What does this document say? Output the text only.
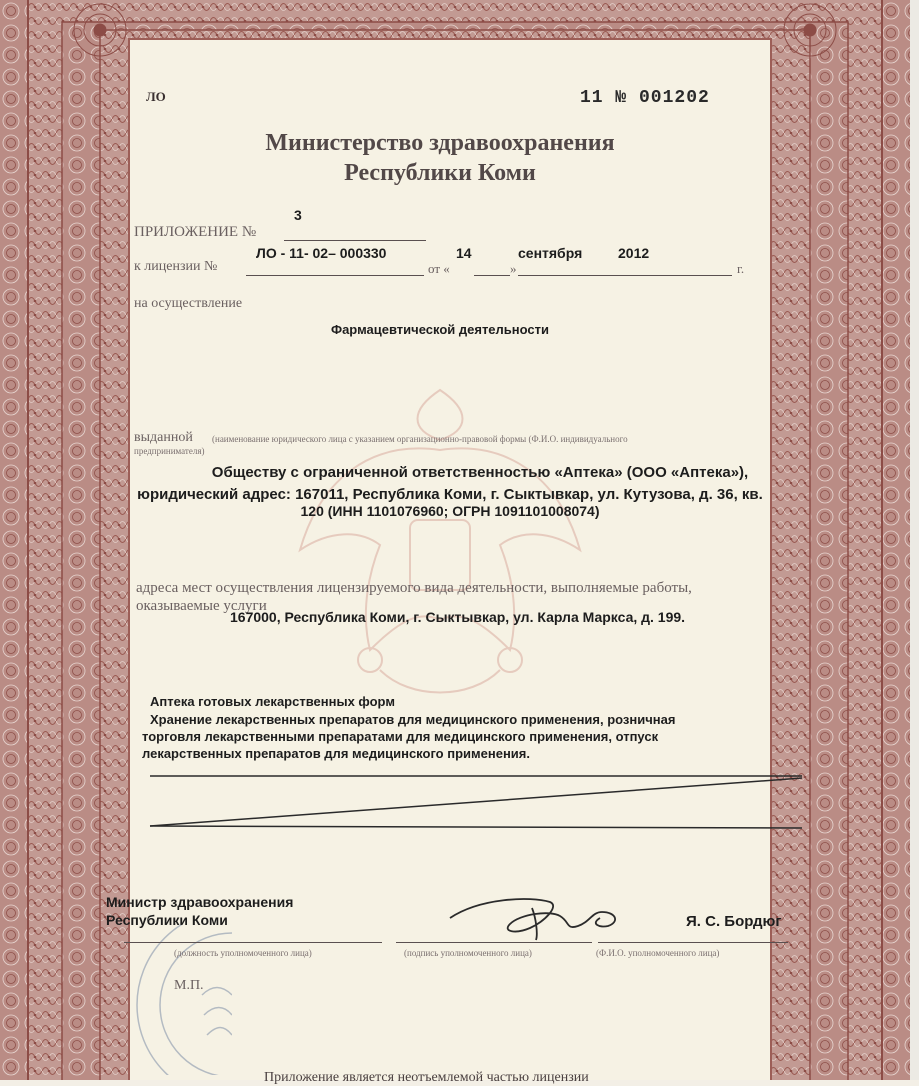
ЛО	11 № 001202
Министерство здравоохранения
Республики Коми
ПРИЛОЖЕНИЕ №
3
к лицензии №
ЛО - 11- 02– 000330
от «
14
»
сентября	2012
г.
на осуществление
Фармацевтической деятельности
выданной (наименование юридического лица с указанием организационно-правовой формы (Ф.И.О. индивидуального
предпринимателя)
Обществу с ограниченной ответственностью «Аптека» (ООО «Аптека»),
юридический адрес: 167011, Республика Коми, г. Сыктывкар, ул. Кутузова, д. 36, кв.
120 (ИНН 1101076960; ОГРН 1091101008074)
адреса мест осуществления лицензируемого вида деятельности, выполняемые работы,
оказываемые услуги
167000, Республика Коми, г. Сыктывкар, ул. Карла Маркса, д. 199.
Аптека готовых лекарственных форм
Хранение лекарственных препаратов для медицинского применения, розничная
торговля лекарственными препаратами для медицинского применения, отпуск
лекарственных препаратов для медицинского применения.
Министр здравоохранения
Республики Коми	Я. С. Бордюг
(должность уполномоченного лица)	(подпись уполномоченного лица)	(Ф.И.О. уполномоченного лица)
М.П.
Приложение является неотъемлемой частью лицензии
